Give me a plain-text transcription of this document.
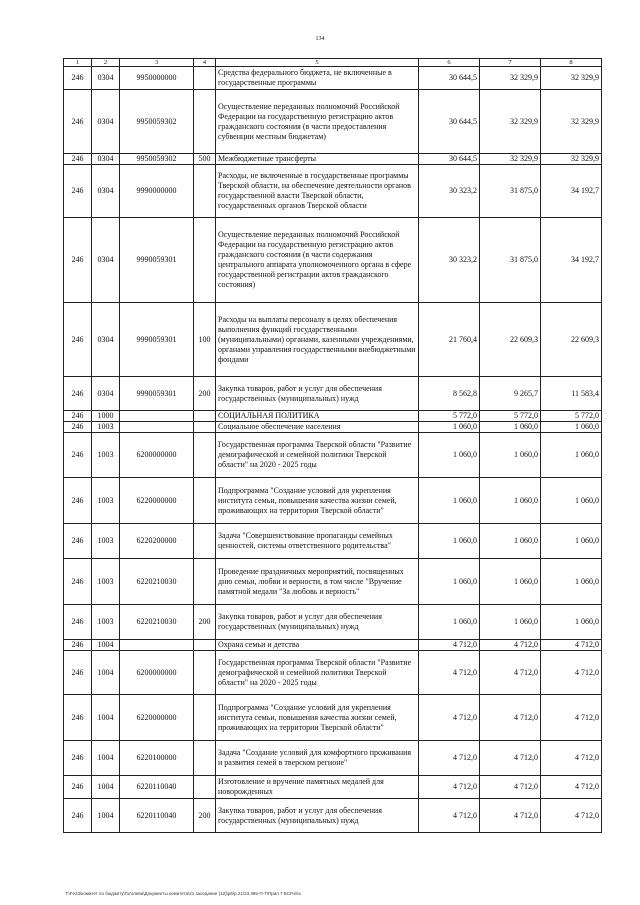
134
1	2	3	4	5	6	7	8
246	0304	9950000000		Средства федерального бюджета, не включенные в государственные программы	30 644,5	32 329,9	32 329,9
246	0304	9950059302		Осуществление переданных полномочий Российской Федерации на государственную регистрацию актов гражданского состояния (в части предоставления субвенции местным бюджетам)	30 644,5	32 329,9	32 329,9
246	0304	9950059302	500	Межбюджетные трансферты	30 644,5	32 329,9	32 329,9
246	0304	9990000000		Расходы, не включенные в государственные программы Тверской области, на обеспечение деятельности органов государственной власти Тверской области, государственных органов Тверской области	30 323,2	31 875,0	34 192,7
246	0304	9990059301		Осуществление переданных полномочий Российской Федерации на государственную регистрацию актов гражданского состояния (в части содержания центрального аппарата уполномоченного органа в сфере государственной регистрации актов гражданского состояния)	30 323,2	31 875,0	34 192,7
246	0304	9990059301	100	Расходы на выплаты персоналу в целях обеспечения выполнения функций государственными (муниципальными) органами, казенными учреждениями, органами управления государственными внебюджетными фондами	21 760,4	22 609,3	22 609,3
246	0304	9990059301	200	Закупка товаров, работ и услуг для обеспечения государственных (муниципальных) нужд	8 562,8	9 265,7	11 583,4
246	1000			СОЦИАЛЬНАЯ ПОЛИТИКА	5 772,0	5 772,0	5 772,0
246	1003			Социальное обеспечение населения	1 060,0	1 060,0	1 060,0
246	1003	6200000000		Государственная программа Тверской области "Развитие демографической и семейной политики Тверской области" на 2020 - 2025 годы	1 060,0	1 060,0	1 060,0
246	1003	6220000000		Подпрограмма "Создание условий для укрепления института семьи, повышения качества жизни семей, проживающих на территории Тверской области"	1 060,0	1 060,0	1 060,0
246	1003	6220200000		Задача "Совершенствование пропаганды семейных ценностей, системы ответственного родительства"	1 060,0	1 060,0	1 060,0
246	1003	6220210030		Проведение праздничных мероприятий, посвященных дню семьи, любви и верности, в том числе "Вручение памятной медали "За любовь и верность"	1 060,0	1 060,0	1 060,0
246	1003	6220210030	200	Закупка товаров, работ и услуг для обеспечения государственных (муниципальных) нужд	1 060,0	1 060,0	1 060,0
246	1004			Охрана семьи и детства	4 712,0	4 712,0	4 712,0
246	1004	6200000000		Государственная программа Тверской области "Развитие демографической и семейной политики Тверской области" на 2020 - 2025 годы	4 712,0	4 712,0	4 712,0
246	1004	6220000000		Подпрограмма "Создание условий для укрепления института семьи, повышения качества жизни семей, проживающих на территории Тверской области"	4 712,0	4 712,0	4 712,0
246	1004	6220100000		Задача "Создание условий для комфортного проживания и развития семей в тверском регионе"	4 712,0	4 712,0	4 712,0
246	1004	6220110040		Изготовление и вручение памятных медалей для новорожденных	4 712,0	4 712,0	4 712,0
246	1004	6220110040	200	Закупка товаров, работ и услуг для обеспечения государственных (муниципальных) нужд	4 712,0	4 712,0	4 712,0
T:\Fe23\комитет по бюджету\Гоголева\Документы комитета\21 заседание (12)\р6\р.21\23.385-П-7\Прил 7 БСР.xlsx
